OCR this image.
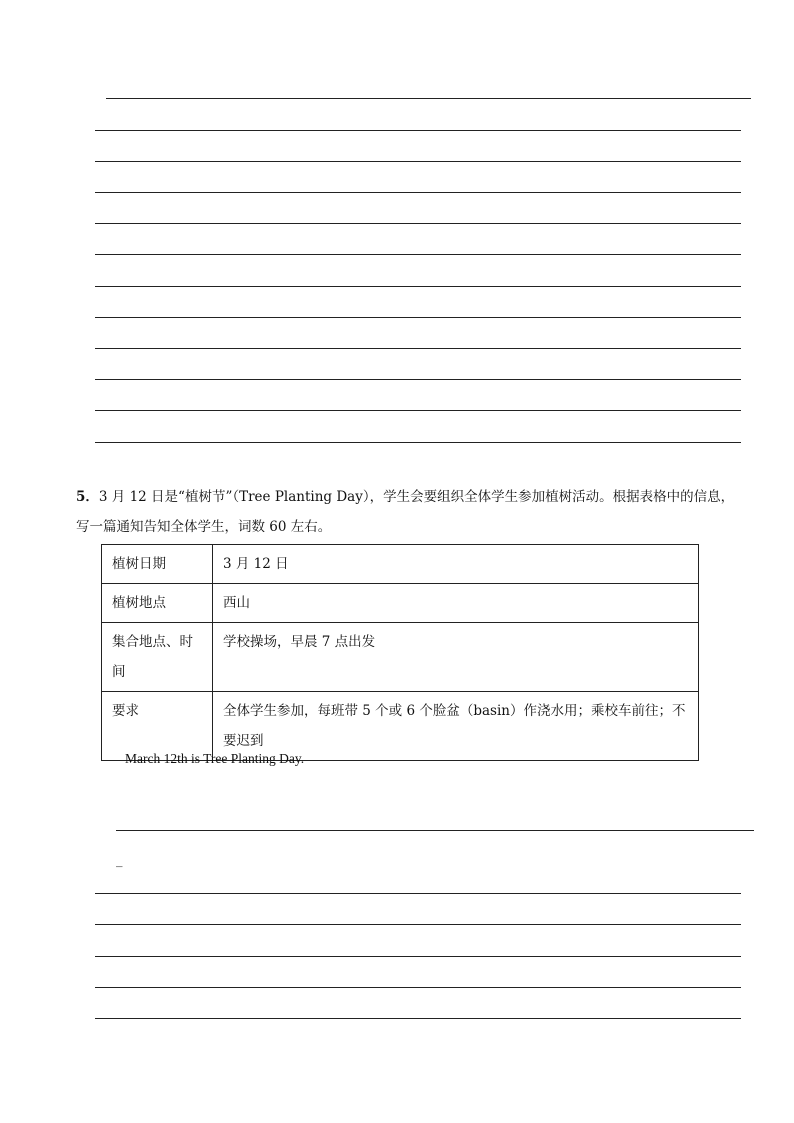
5．3 月 12 日是“植树节”（Tree Planting Day），学生会要组织全体学生参加植树活动。根据表格中的信息，写一篇通知告知全体学生，词数 60 左右。
植树日期	3 月 12 日
植树地点	西山
集合地点、时间	学校操场，早晨 7 点出发
要求	全体学生参加，每班带 5 个或 6 个脸盆（basin）作浇水用；乘校车前往；不要迟到
March 12th is Tree Planting Day.
_
